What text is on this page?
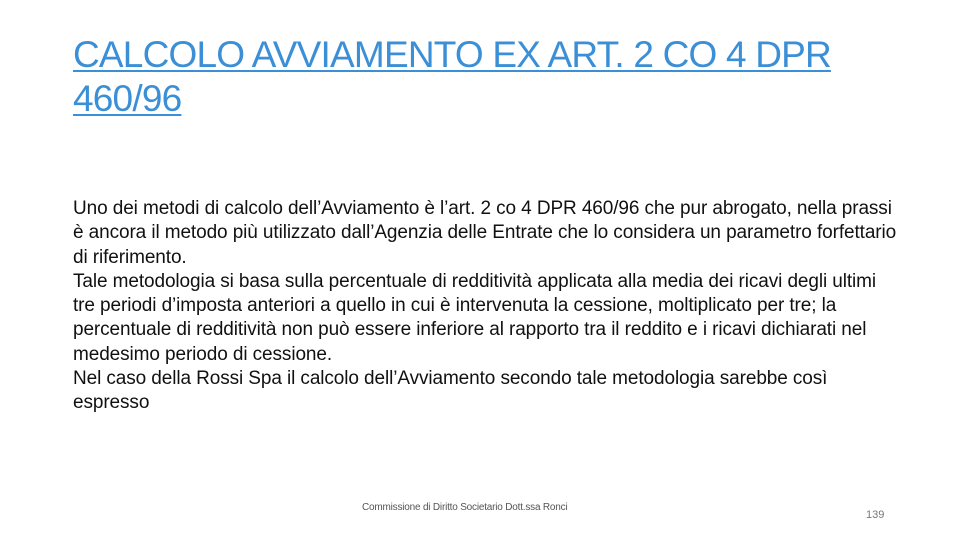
CALCOLO AVVIAMENTO EX ART. 2 CO 4 DPR
460/96

Uno dei metodi di calcolo dell’Avviamento è l’art. 2 co 4 DPR 460/96 che pur abrogato, nella prassi è ancora il metodo più utilizzato dall’Agenzia delle Entrate che lo considera un parametro forfettario di riferimento.

Tale metodologia si basa sulla percentuale di redditività applicata alla media dei ricavi degli ultimi tre periodi d’imposta anteriori a quello in cui è intervenuta la cessione, moltiplicato per tre; la percentuale di redditività non può essere inferiore al rapporto tra il reddito e i ricavi dichiarati nel medesimo periodo di cessione.

Nel caso della Rossi Spa il calcolo dell’Avviamento secondo tale metodologia sarebbe così espresso

Commissione di Diritto Societario Dott.ssa Ronci
139
